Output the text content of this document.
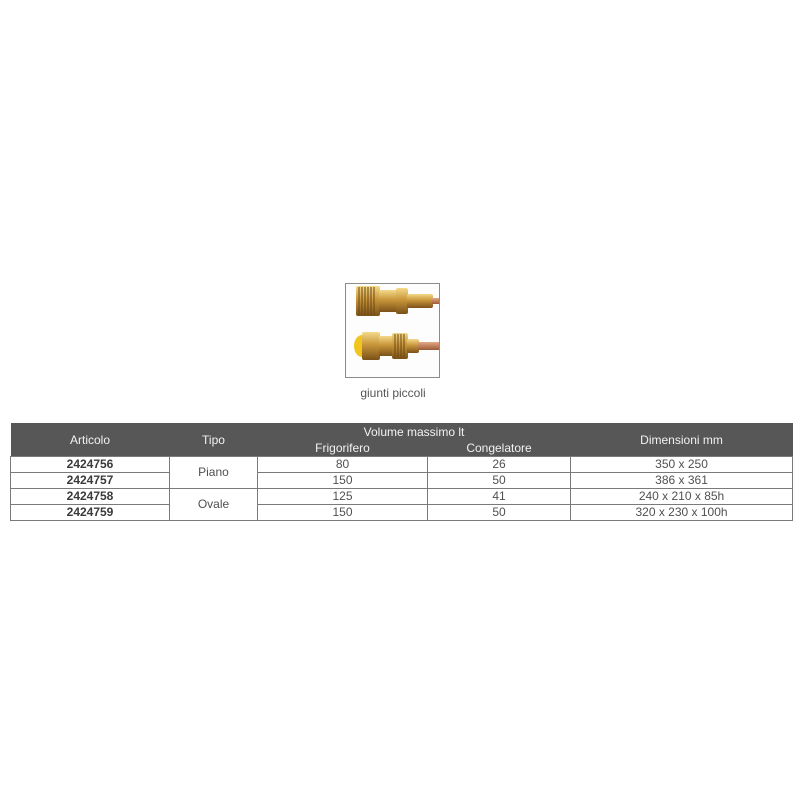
giunti piccoli
Articolo	Tipo	Volume massimo lt		Dimensioni mm
		Frigorifero	Congelatore	
2424756	Piano	80	26	350 x 250
2424757		150	50	386 x 361
2424758	Ovale	125	41	240 x 210 x 85h
2424759		150	50	320 x 230 x 100h
